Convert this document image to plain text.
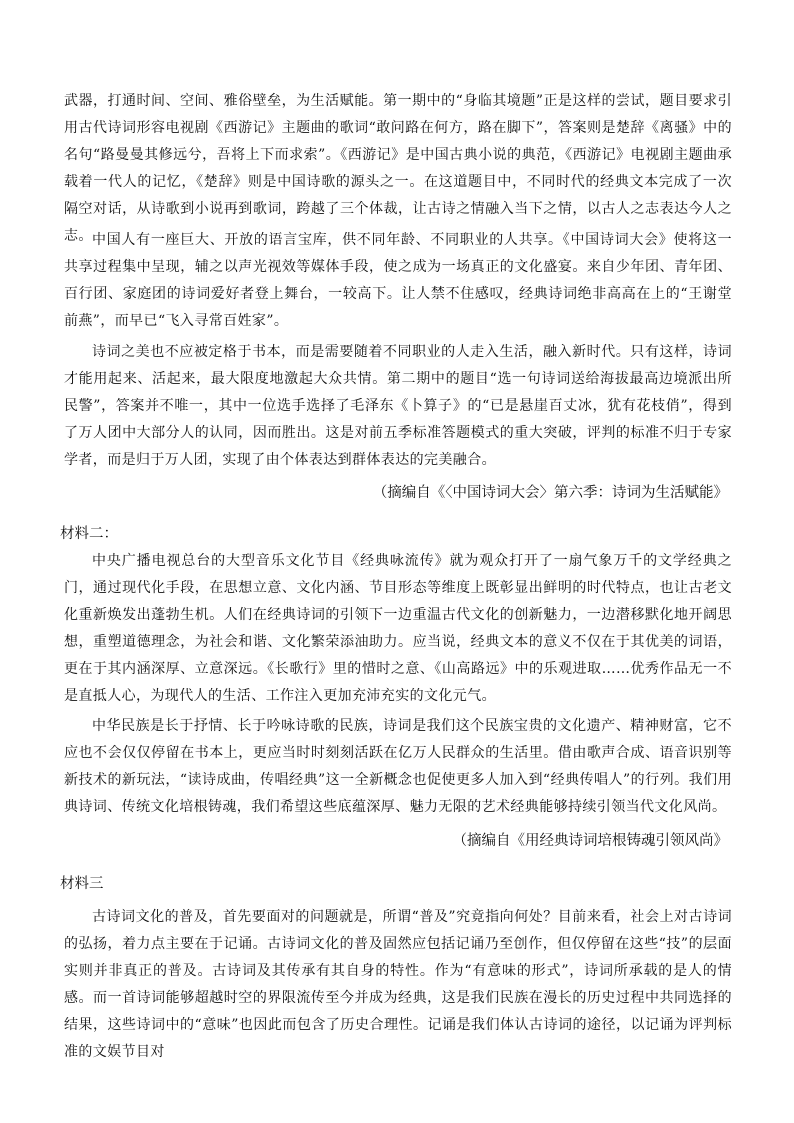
武器，打通时间、空间、雅俗壁垒，为生活赋能。第一期中的“身临其境题”正是这样的尝试，题目要求引用古代诗词形容电视剧《西游记》主题曲的歌词“敢问路在何方，路在脚下”，答案则是楚辞《离骚》中的名句“路曼曼其修远兮，吾将上下而求索”。《西游记》是中国古典小说的典范，《西游记》电视剧主题曲承载着一代人的记忆，《楚辞》则是中国诗歌的源头之一。在这道题目中，不同时代的经典文本完成了一次隔空对话，从诗歌到小说再到歌词，跨越了三个体裁，让古诗之情融入当下之情，以古人之志表达今人之志。 中国人有一座巨大、开放的语言宝库，供不同年龄、不同职业的人共享。《中国诗词大会》使将这一共享过程集中呈现，辅之以声光视效等媒体手段，使之成为一场真正的文化盛宴。来自少年团、青年团、百行团、家庭团的诗词爱好者登上舞台，一较高下。让人禁不住感叹，经典诗词绝非高高在上的“王谢堂前燕”，而早已“飞入寻常百姓家”。

诗词之美也不应被定格于书本，而是需要随着不同职业的人走入生活，融入新时代。只有这样，诗词才能用起来、活起来，最大限度地激起大众共情。第二期中的题目“选一句诗词送给海拔最高边境派出所民警”，答案并不唯一，其中一位选手选择了毛泽东《卜算子》的“已是悬崖百丈冰，犹有花枝俏”，得到了万人团中大部分人的认同，因而胜出。这是对前五季标准答题模式的重大突破，评判的标准不归于专家学者，而是归于万人团，实现了由个体表达到群体表达的完美融合。

（摘编自《〈中国诗词大会〉第六季：诗词为生活赋能》

材料二：

中央广播电视总台的大型音乐文化节目《经典咏流传》就为观众打开了一扇气象万千的文学经典之门，通过现代化手段，在思想立意、文化内涵、节目形态等维度上既彰显出鲜明的时代特点，也让古老文化重新焕发出蓬勃生机。人们在经典诗词的引领下一边重温古代文化的创新魅力，一边潜移默化地开阔思想，重塑道德理念，为社会和谐、文化繁荣添油助力。应当说，经典文本的意义不仅在于其优美的词语，更在于其内涵深厚、立意深远。《长歌行》里的惜时之意、《山高路远》中的乐观进取……优秀作品无一不是直抵人心，为现代人的生活、工作注入更加充沛充实的文化元气。

中华民族是长于抒情、长于吟咏诗歌的民族，诗词是我们这个民族宝贵的文化遗产、精神财富，它不应也不会仅仅停留在书本上，更应当时时刻刻活跃在亿万人民群众的生活里。借由歌声合成、语音识别等新技术的新玩法，“读诗成曲，传唱经典”这一全新概念也促使更多人加入到“经典传唱人”的行列。我们用典诗词、传统文化培根铸魂，我们希望这些底蕴深厚、魅力无限的艺术经典能够持续引领当代文化风尚。

（摘编自《用经典诗词培根铸魂引领风尚》

材料三

古诗词文化的普及，首先要面对的问题就是，所谓“普及”究竟指向何处？目前来看，社会上对古诗词的弘扬，着力点主要在于记诵。古诗词文化的普及固然应包括记诵乃至创作，但仅停留在这些“技”的层面实则并非真正的普及。古诗词及其传承有其自身的特性。作为“有意味的形式”，诗词所承载的是人的情感。而一首诗词能够超越时空的界限流传至今并成为经典，这是我们民族在漫长的历史过程中共同选择的结果，这些诗词中的“意味”也因此而包含了历史合理性。记诵是我们体认古诗词的途径，以记诵为评判标准的文娱节目对
